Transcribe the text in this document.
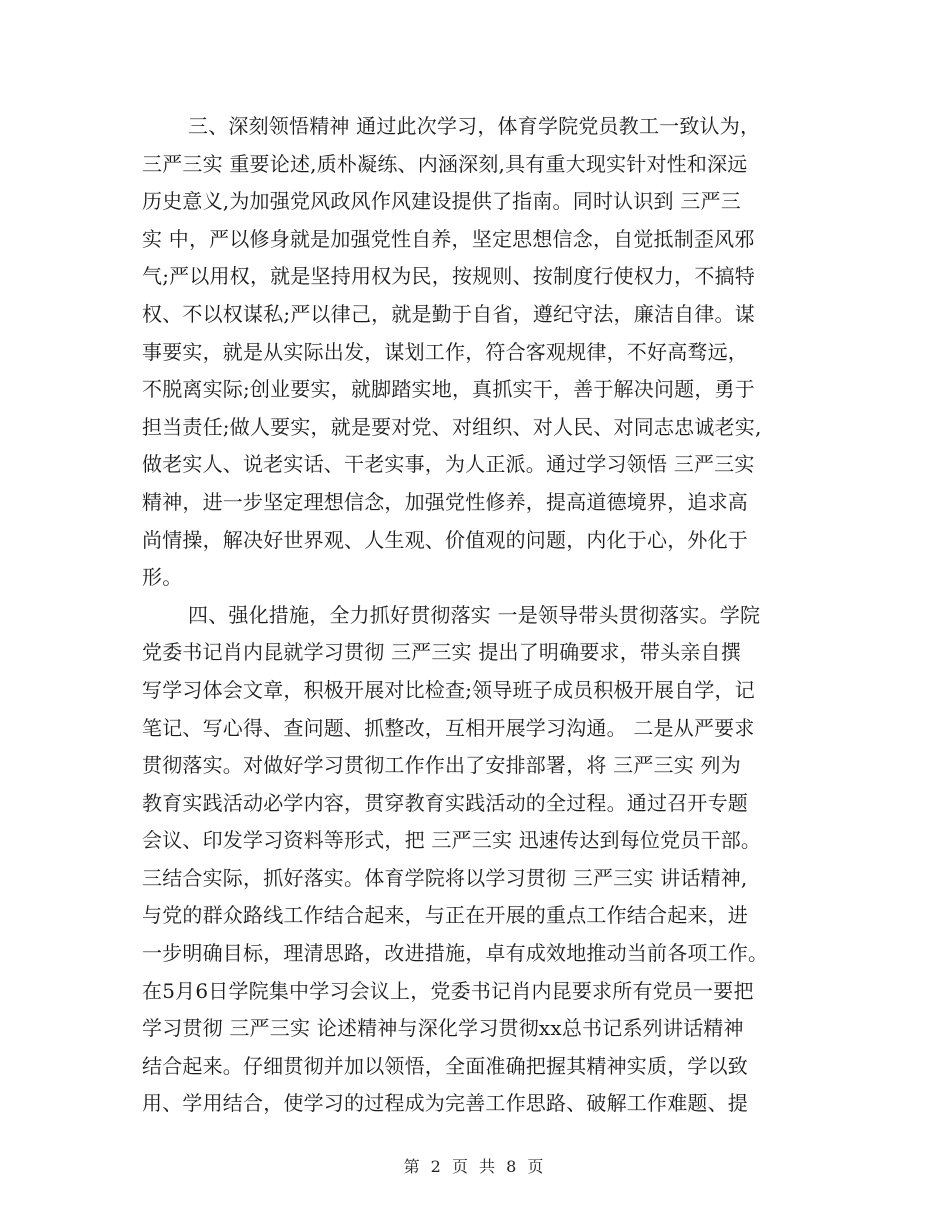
三、深刻领悟精神 通过此次学习，体育学院党员教工一致认为，
三严三实 重要论述,质朴凝练、内涵深刻,具有重大现实针对性和深远
历史意义,为加强党风政风作风建设提供了指南。同时认识到 三严三
实 中，严以修身就是加强党性自养，坚定思想信念，自觉抵制歪风邪
气;严以用权，就是坚持用权为民，按规则、按制度行使权力，不搞特
权、不以权谋私;严以律己，就是勤于自省，遵纪守法，廉洁自律。谋
事要实，就是从实际出发，谋划工作，符合客观规律，不好高骛远，
不脱离实际;创业要实，就脚踏实地，真抓实干，善于解决问题，勇于
担当责任;做人要实，就是要对党、对组织、对人民、对同志忠诚老实,
做老实人、说老实话、干老实事，为人正派。通过学习领悟 三严三实
精神，进一步坚定理想信念，加强党性修养，提高道德境界，追求高
尚情操，解决好世界观、人生观、价值观的问题，内化于心，外化于
形。
四、强化措施，全力抓好贯彻落实 一是领导带头贯彻落实。学院
党委书记肖内昆就学习贯彻 三严三实 提出了明确要求，带头亲自撰
写学习体会文章，积极开展对比检查;领导班子成员积极开展自学，记
笔记、写心得、查问题、抓整改，互相开展学习沟通。 二是从严要求
贯彻落实。对做好学习贯彻工作作出了安排部署，将 三严三实 列为
教育实践活动必学内容，贯穿教育实践活动的全过程。通过召开专题
会议、印发学习资料等形式，把 三严三实 迅速传达到每位党员干部。
三结合实际，抓好落实。体育学院将以学习贯彻 三严三实 讲话精神,
与党的群众路线工作结合起来，与正在开展的重点工作结合起来，进
一步明确目标，理清思路，改进措施，卓有成效地推动当前各项工作。
在5月6日学院集中学习会议上，党委书记肖内昆要求所有党员一要把
学习贯彻 三严三实 论述精神与深化学习贯彻xx总书记系列讲话精神
结合起来。仔细贯彻并加以领悟，全面准确把握其精神实质，学以致
用、学用结合，使学习的过程成为完善工作思路、破解工作难题、提
第 2 页 共 8 页
